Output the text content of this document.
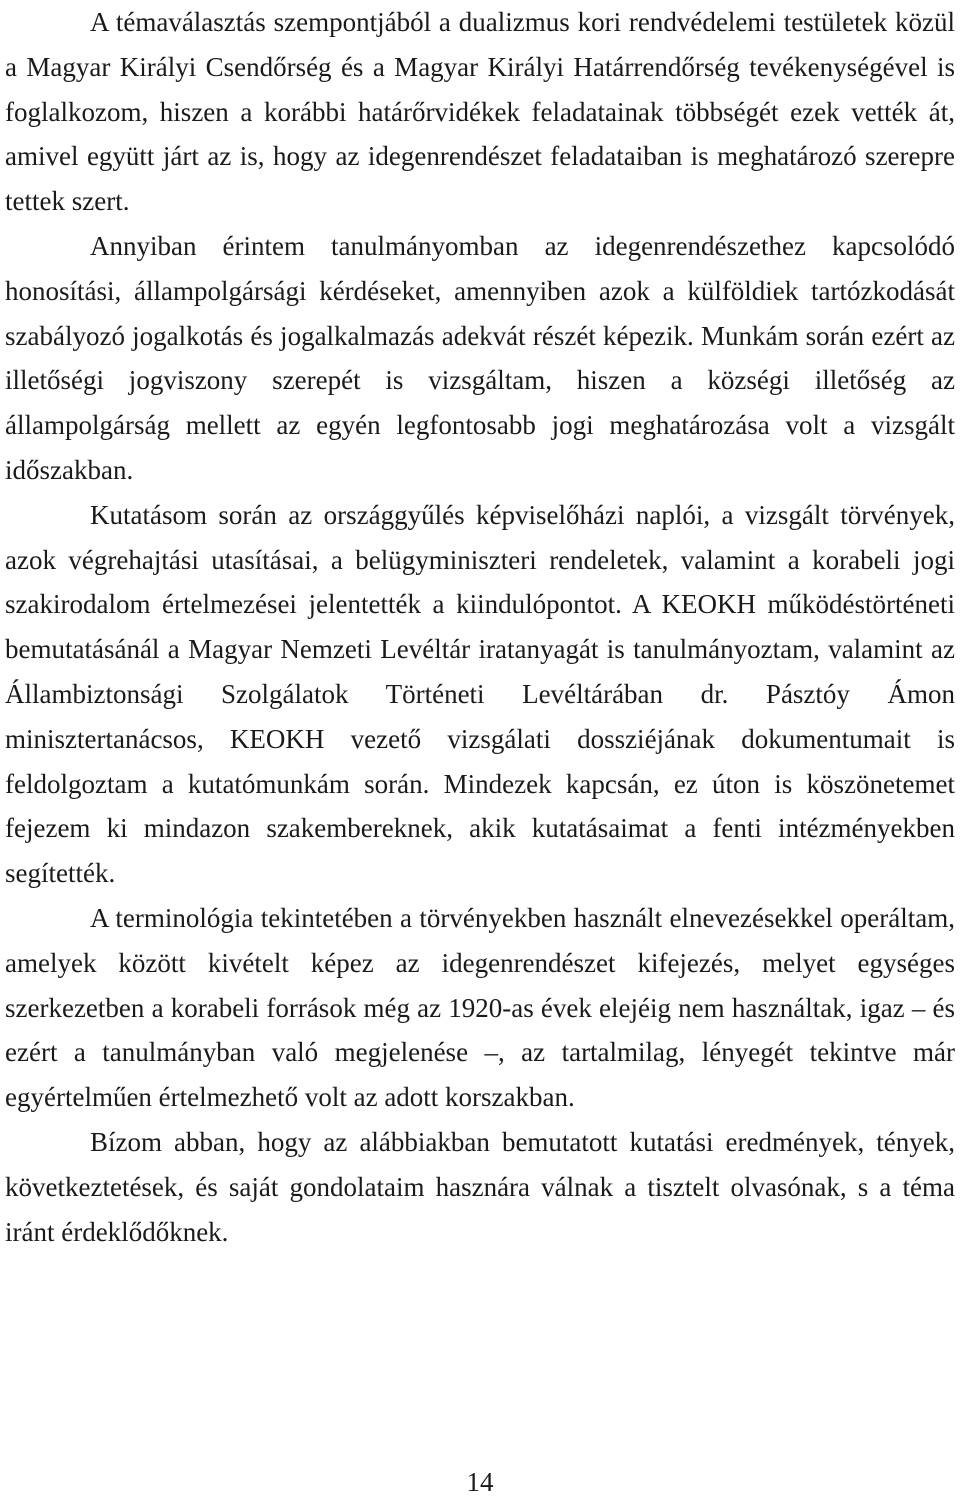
A témaválasztás szempontjából a dualizmus kori rendvédelemi testületek közül a Magyar Királyi Csendőrség és a Magyar Királyi Határrendőrség tevékenységével is foglalkozom, hiszen a korábbi határőrvidékek feladatainak többségét ezek vették át, amivel együtt járt az is, hogy az idegenrendészet feladataiban is meghatározó szerepre tettek szert.

Annyiban érintem tanulmányomban az idegenrendészethez kapcsolódó honosítási, állampolgársági kérdéseket, amennyiben azok a külföldiek tartózkodását szabályozó jogalkotás és jogalkalmazás adekvát részét képezik. Munkám során ezért az illetőségi jogviszony szerepét is vizsgáltam, hiszen a községi illetőség az állampolgárság mellett az egyén legfontosabb jogi meghatározása volt a vizsgált időszakban.

Kutatásom során az országgyűlés képviselőházi naplói, a vizsgált törvények, azok végrehajtási utasításai, a belügyminiszteri rendeletek, valamint a korabeli jogi szakirodalom értelmezései jelentették a kiindulópontot. A KEOKH működéstörténeti bemutatásánál a Magyar Nemzeti Levéltár iratanyagát is tanulmányoztam, valamint az Állambiztonsági Szolgálatok Történeti Levéltárában dr. Pásztóy Ámon minisztertanácsos, KEOKH vezető vizsgálati dossziéjának dokumentumait is feldolgoztam a kutatómunkám során. Mindezek kapcsán, ez úton is köszönetemet fejezem ki mindazon szakembereknek, akik kutatásaimat a fenti intézményekben segítették.

A terminológia tekintetében a törvényekben használt elnevezésekkel operáltam, amelyek között kivételt képez az idegenrendészet kifejezés, melyet egységes szerkezetben a korabeli források még az 1920-as évek elejéig nem használtak, igaz – és ezért a tanulmányban való megjelenése –, az tartalmilag, lényegét tekintve már egyértelműen értelmezhető volt az adott korszakban.

Bízom abban, hogy az alábbiakban bemutatott kutatási eredmények, tények, következtetések, és saját gondolataim hasznára válnak a tisztelt olvasónak, s a téma iránt érdeklődőknek.

14
